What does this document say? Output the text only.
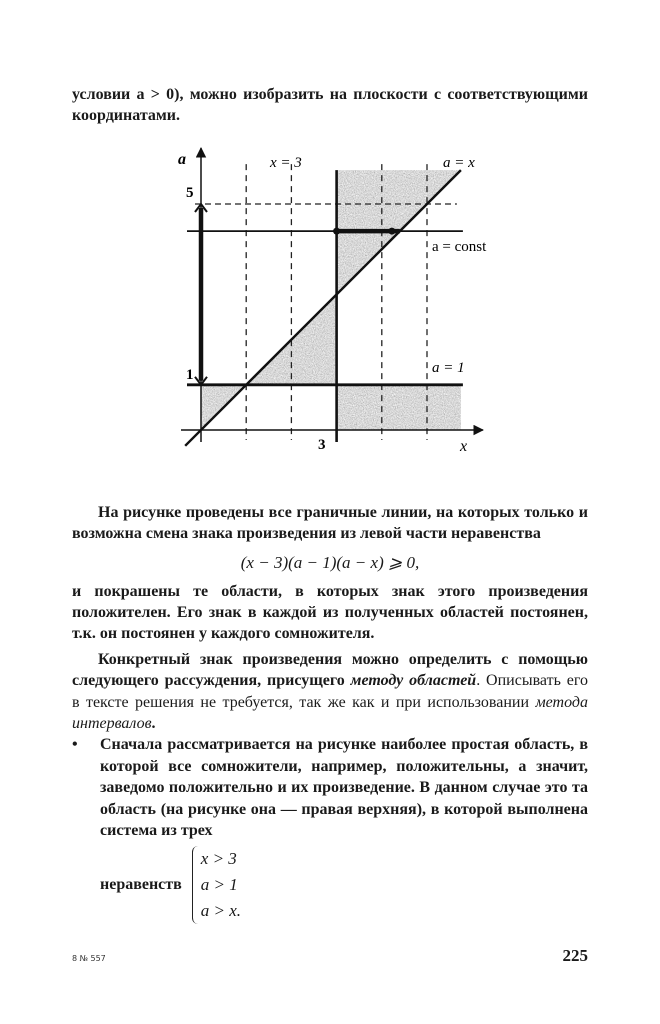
условии a > 0), можно изобразить на плоскости с соответствующими координатами.

a
x
5
1
3
x = 3	a = x
a = const
a = 1

На рисунке проведены все граничные линии, на которых только и возможна смена знака произведения из левой части неравенства

(x − 3)(a − 1)(a − x) ⩾ 0,

и покрашены те области, в которых знак этого произведения положителен. Его знак в каждой из полученных областей постоянен, т.к. он постоянен у каждого сомножителя.

Конкретный знак произведения можно определить с помощью следующего рассуждения, присущего методу областей. Описывать его в тексте решения не требуется, так же как и при использовании метода интервалов.

•	Сначала рассматривается на рисунке наиболее простая область, в которой все сомножители, например, положительны, а значит, заведомо положительно и их произведение. В данном случае это та область (на рисунке она — правая верхняя), в которой выполнена система из трех
неравенств
x > 3
a > 1
a > x.
8 № 557	225
